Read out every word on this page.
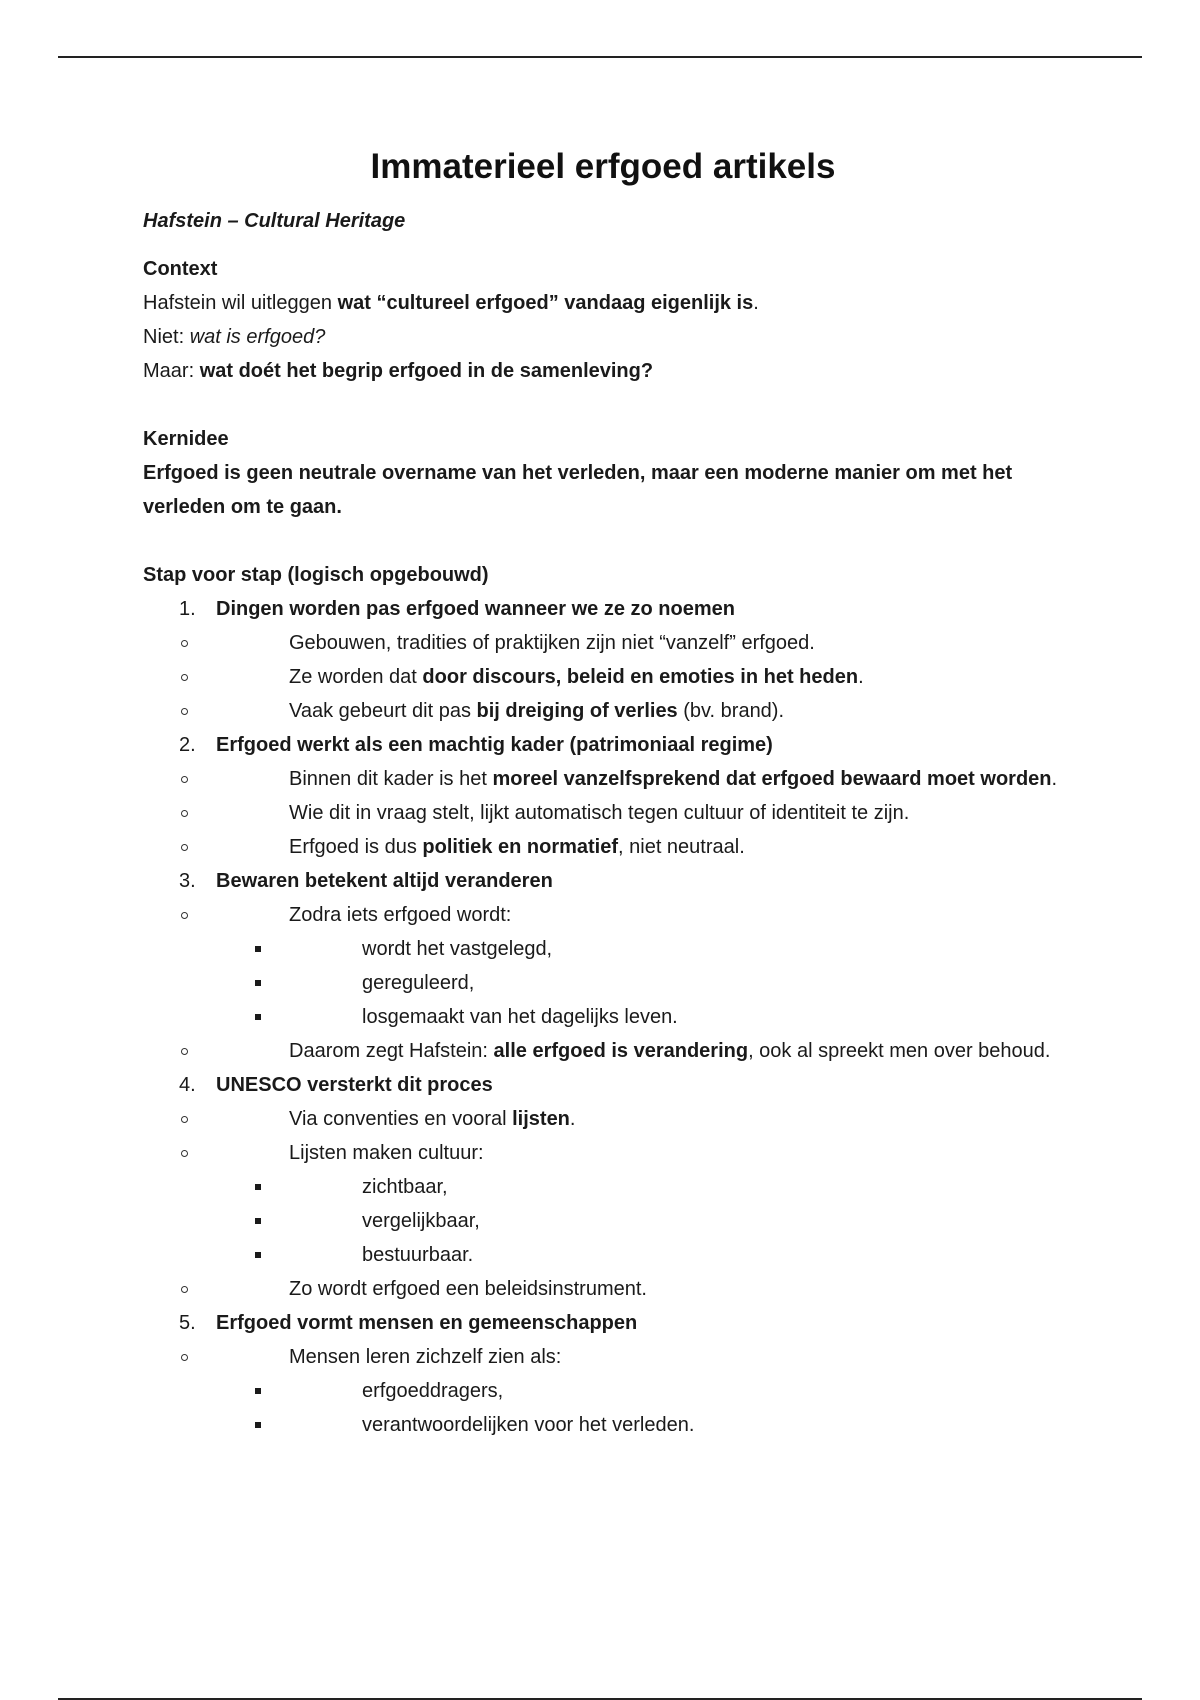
Immaterieel erfgoed artikels
Hafstein – Cultural Heritage

Context

Hafstein wil uitleggen wat “cultureel erfgoed” vandaag eigenlijk is.

Niet: wat is erfgoed?

Maar: wat doét het begrip erfgoed in de samenleving?

Kernidee

Erfgoed is geen neutrale overname van het verleden, maar een moderne manier om met het verleden om te gaan.

Stap voor stap (logisch opgebouwd)

1.	Dingen worden pas erfgoed wanneer we ze zo noemen
Gebouwen, tradities of praktijken zijn niet “vanzelf” erfgoed.
Ze worden dat door discours, beleid en emoties in het heden.
Vaak gebeurt dit pas bij dreiging of verlies (bv. brand).
2.	Erfgoed werkt als een machtig kader (patrimoniaal regime)
Binnen dit kader is het moreel vanzelfsprekend dat erfgoed bewaard moet worden.
Wie dit in vraag stelt, lijkt automatisch tegen cultuur of identiteit te zijn.
Erfgoed is dus politiek en normatief, niet neutraal.
3.	Bewaren betekent altijd veranderen
Zodra iets erfgoed wordt:
wordt het vastgelegd,
gereguleerd,
losgemaakt van het dagelijks leven.
Daarom zegt Hafstein: alle erfgoed is verandering, ook al spreekt men over behoud.
4.	UNESCO versterkt dit proces
Via conventies en vooral lijsten.
Lijsten maken cultuur:
zichtbaar,
vergelijkbaar,
bestuurbaar.
Zo wordt erfgoed een beleidsinstrument.
5.	Erfgoed vormt mensen en gemeenschappen
Mensen leren zichzelf zien als:
erfgoeddragers,
verantwoordelijken voor het verleden.
